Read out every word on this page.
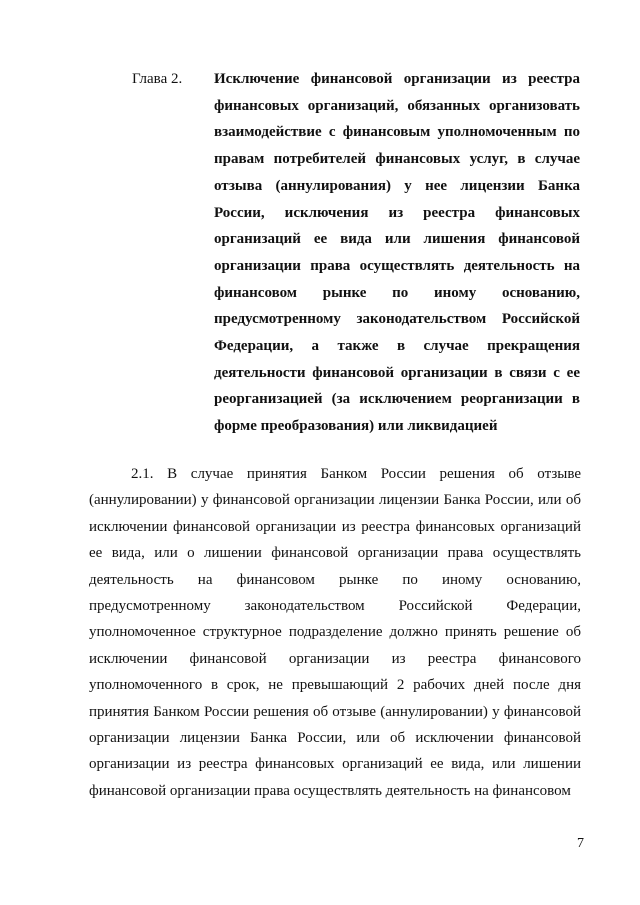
Глава 2. Исключение финансовой организации из реестра финансовых организаций, обязанных организовать взаимодействие с финансовым уполномоченным по правам потребителей финансовых услуг, в случае отзыва (аннулирования) у нее лицензии Банка России, исключения из реестра финансовых организаций ее вида или лишения финансовой организации права осуществлять деятельность на финансовом рынке по иному основанию, предусмотренному законодательством Российской Федерации, а также в случае прекращения деятельности финансовой организации в связи с ее реорганизацией (за исключением реорганизации в форме преобразования) или ликвидацией

2.1. В случае принятия Банком России решения об отзыве (аннулировании) у финансовой организации лицензии Банка России, или об исключении финансовой организации из реестра финансовых организаций ее вида, или о лишении финансовой организации права осуществлять деятельность на финансовом рынке по иному основанию, предусмотренному законодательством Российской Федерации, уполномоченное структурное подразделение должно принять решение об исключении финансовой организации из реестра финансового уполномоченного в срок, не превышающий 2 рабочих дней после дня принятия Банком России решения об отзыве (аннулировании) у финансовой организации лицензии Банка России, или об исключении финансовой организации из реестра финансовых организаций ее вида, или лишении финансовой организации права осуществлять деятельность на финансовом

7
